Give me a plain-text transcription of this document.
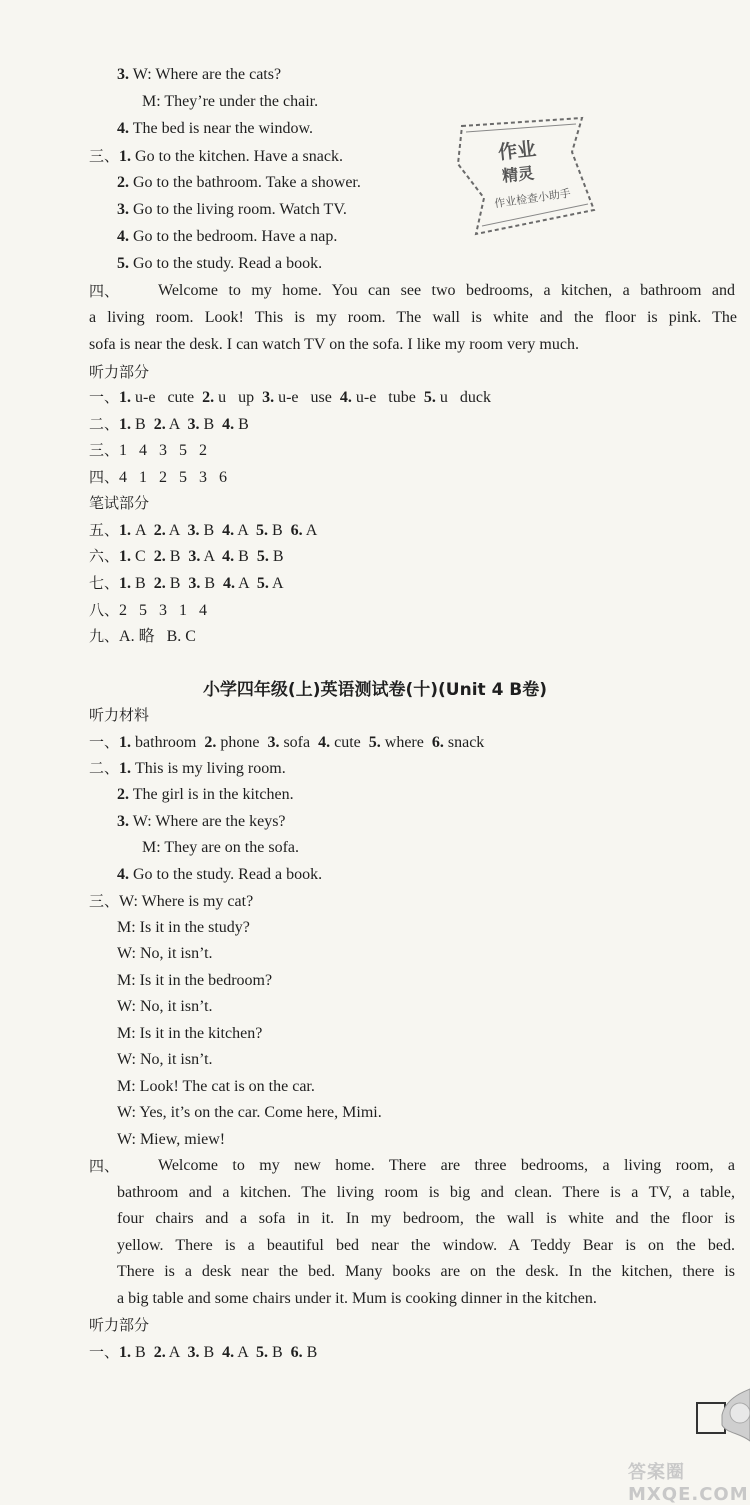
3. W: Where are the cats?
M: They’re under the chair.
4. The bed is near the window.
三、1. Go to the kitchen. Have a snack.
2. Go to the bathroom. Take a shower.
3. Go to the living room. Watch TV.
4. Go to the bedroom. Have a nap.
5. Go to the study. Read a book.
四、	Welcome to my home. You can see two bedrooms, a kitchen, a bathroom and
a living room. Look! This is my room. The wall is white and the floor is pink. The
sofa is near the desk. I can watch TV on the sofa. I like my room very much.
听力部分
一、1. u-e   cute  2. u   up  3. u-e   use  4. u-e   tube  5. u   duck
二、1. B  2. A  3. B  4. B
三、1   4   3   5   2
四、4   1   2   5   3   6
笔试部分
五、1. A  2. A  3. B  4. A  5. B  6. A
六、1. C  2. B  3. A  4. B  5. B
七、1. B  2. B  3. B  4. A  5. A
八、2   5   3   1   4
九、A. 略   B. C
小学四年级(上)英语测试卷(十)(Unit 4 B卷)
听力材料
一、1. bathroom  2. phone  3. sofa  4. cute  5. where  6. snack
二、1. This is my living room.
2. The girl is in the kitchen.
3. W: Where are the keys?
M: They are on the sofa.
4. Go to the study. Read a book.
三、W: Where is my cat?
M: Is it in the study?
W: No, it isn’t.
M: Is it in the bedroom?
W: No, it isn’t.
M: Is it in the kitchen?
W: No, it isn’t.
M: Look! The cat is on the car.
W: Yes, it’s on the car. Come here, Mimi.
W: Miew, miew!
四、	Welcome to my new home. There are three bedrooms, a living room, a
bathroom and a kitchen. The living room is big and clean. There is a TV, a table,
four chairs and a sofa in it. In my bedroom, the wall is white and the floor is
yellow. There is a beautiful bed near the window. A Teddy Bear is on the bed.
There is a desk near the bed. Many books are on the desk. In the kitchen, there is
a big table and some chairs under it. Mum is cooking dinner in the kitchen.
听力部分
一、1. B  2. A  3. B  4. A  5. B  6. B
作业
精灵
作业检查小助手
答案圈 MXQE.COM
